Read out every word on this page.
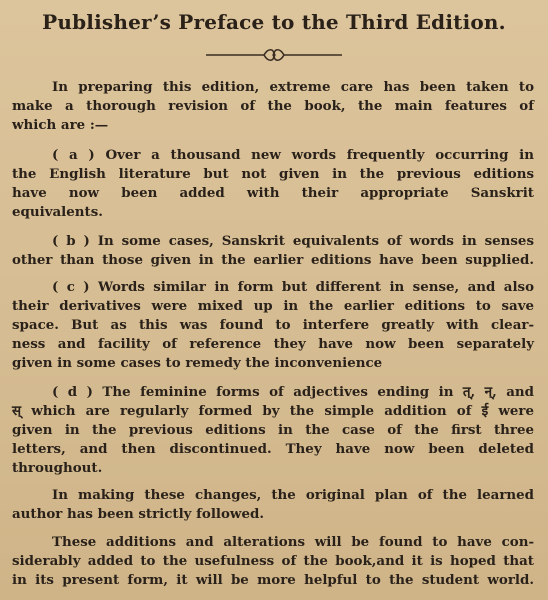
Publisher’s Preface to the Third Edition.
In preparing this edition, extreme care has been taken to
make a thorough revision of the book, the main features of
which are :—
( a ) Over a thousand new words frequently occurring in
the English literature but not given in the previous editions
have now been added with their appropriate Sanskrit
equivalents.
( b ) In some cases, Sanskrit equivalents of words in senses
other than those given in the earlier editions have been supplied.
( c ) Words similar in form but different in sense, and also
their derivatives were mixed up in the earlier editions to save
space. But as this was found to interfere greatly with clear-
ness and facility of reference they have now been separately
given in some cases to remedy the inconvenience
( d ) The feminine forms of adjectives ending in त्, न्, and
स् which are regularly formed by the simple addition of ई were
given in the previous editions in the case of the first three
letters, and then discontinued. They have now been deleted
throughout.
In making these changes, the original plan of the learned
author has been strictly followed.
These additions and alterations will be found to have con-
siderably added to the usefulness of the book,and it is hoped that
in its present form, it will be more helpful to the student world.
